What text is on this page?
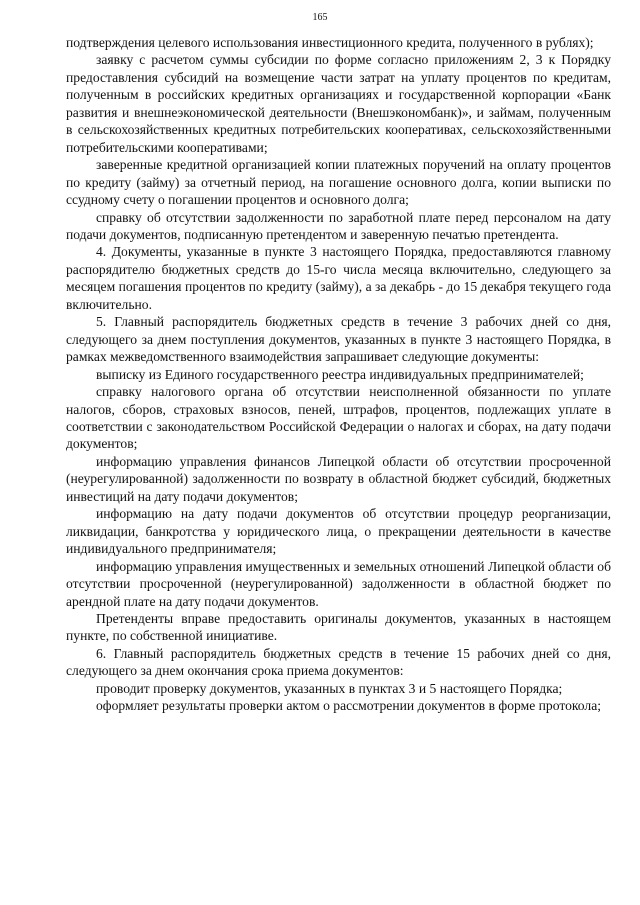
165

подтверждения целевого использования инвестиционного кредита, полученного в рублях);

заявку с расчетом суммы субсидии по форме согласно приложениям 2, 3 к Порядку предоставления субсидий на возмещение части затрат на уплату процентов по кредитам, полученным в российских кредитных организациях и государственной корпорации «Банк развития и внешнеэкономической деятельности (Внешэкономбанк)», и займам, полученным в сельскохозяйственных кредитных потребительских кооперативах, сельскохозяйственными потребительскими кооперативами;

заверенные кредитной организацией копии платежных поручений на оплату процентов по кредиту (займу) за отчетный период, на погашение основного долга, копии выписки по ссудному счету о погашении процентов и основного долга;

справку об отсутствии задолженности по заработной плате перед персоналом на дату подачи документов, подписанную претендентом и заверенную печатью претендента.

4. Документы, указанные в пункте 3 настоящего Порядка, предоставляются главному распорядителю бюджетных средств до 15-го числа месяца включительно, следующего за месяцем погашения процентов по кредиту (займу), а за декабрь - до 15 декабря текущего года включительно.

5. Главный распорядитель бюджетных средств в течение 3 рабочих дней со дня, следующего за днем поступления документов, указанных в пункте 3 настоящего Порядка, в рамках межведомственного взаимодействия запрашивает следующие документы:

выписку из Единого государственного реестра индивидуальных предпринимателей;

справку налогового органа об отсутствии неисполненной обязанности по уплате налогов, сборов, страховых взносов, пеней, штрафов, процентов, подлежащих уплате в соответствии с законодательством Российской Федерации о налогах и сборах, на дату подачи документов;

информацию управления финансов Липецкой области об отсутствии просроченной (неурегулированной) задолженности по возврату в областной бюджет субсидий, бюджетных инвестиций на дату подачи документов;

информацию на дату подачи документов об отсутствии процедур реорганизации, ликвидации, банкротства у юридического лица, о прекращении деятельности в качестве индивидуального предпринимателя;

информацию управления имущественных и земельных отношений Липецкой области об отсутствии просроченной (неурегулированной) задолженности в областной бюджет по арендной плате на дату подачи документов.

Претенденты вправе предоставить оригиналы документов, указанных в настоящем пункте, по собственной инициативе.

6. Главный распорядитель бюджетных средств в течение 15 рабочих дней со дня, следующего за днем окончания срока приема документов:

проводит проверку документов, указанных в пунктах 3 и 5 настоящего Порядка;

оформляет результаты проверки актом о рассмотрении документов в форме протокола;
